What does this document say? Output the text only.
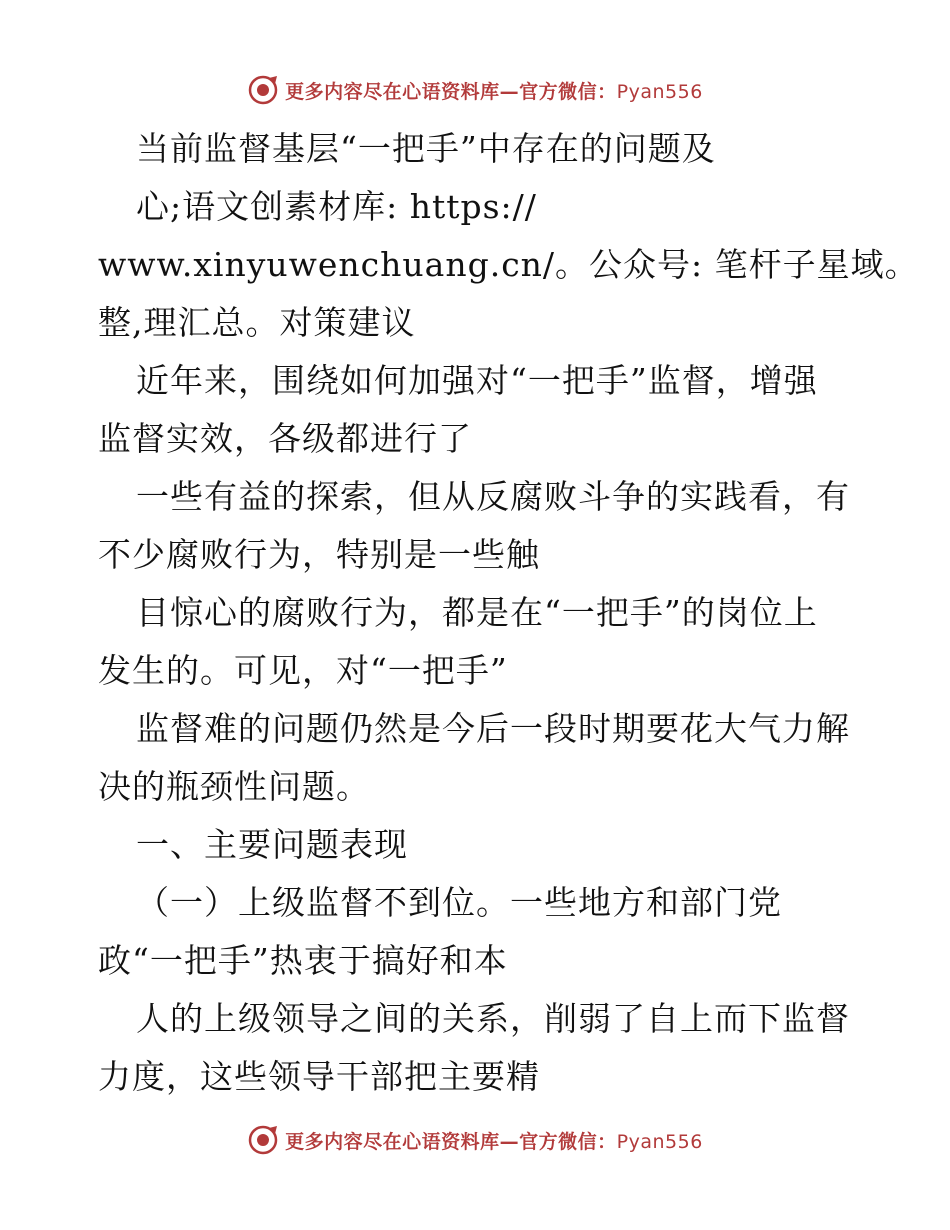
更多内容尽在心语资料库—官方微信：Pyan556
当前监督基层“一把手”中存在的问题及
心;语文创素材库: https://
www.xinyuwenchuang.cn/。公众号: 笔杆子星域。
整,理汇总。对策建议
近年来，围绕如何加强对“一把手”监督，增强
监督实效，各级都进行了
一些有益的探索，但从反腐败斗争的实践看，有
不少腐败行为，特别是一些触
目惊心的腐败行为，都是在“一把手”的岗位上
发生的。可见，对“一把手”
监督难的问题仍然是今后一段时期要花大气力解
决的瓶颈性问题。
一、主要问题表现
（一）上级监督不到位。一些地方和部门党
政“一把手”热衷于搞好和本
人的上级领导之间的关系，削弱了自上而下监督
力度，这些领导干部把主要精
更多内容尽在心语资料库—官方微信：Pyan556
